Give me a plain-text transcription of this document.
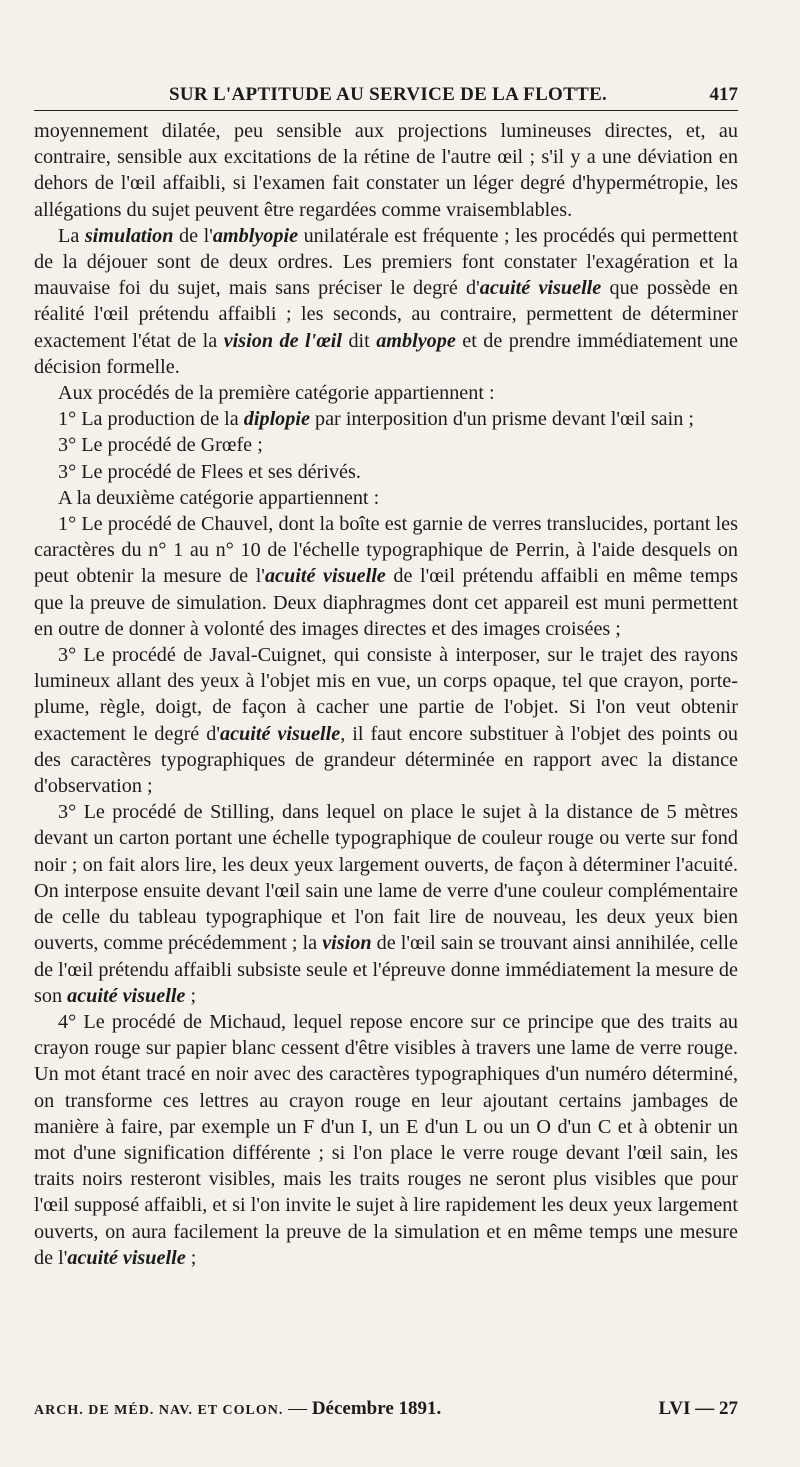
SUR L'APTITUDE AU SERVICE DE LA FLOTTE.	417

moyennement dilatée, peu sensible aux projections lumineuses directes, et, au contraire, sensible aux excitations de la rétine de l'autre œil ; s'il y a une déviation en dehors de l'œil affaibli, si l'examen fait constater un léger degré d'hypermétropie, les allégations du sujet peuvent être regardées comme vraisemblables.

La simulation de l'amblyopie unilatérale est fréquente ; les procédés qui permettent de la déjouer sont de deux ordres. Les premiers font constater l'exagération et la mauvaise foi du sujet, mais sans préciser le degré d'acuité visuelle que possède en réalité l'œil prétendu affaibli ; les seconds, au contraire, permettent de déterminer exactement l'état de la vision de l'œil dit amblyope et de prendre immédiatement une décision formelle.

Aux procédés de la première catégorie appartiennent :

1° La production de la diplopie par interposition d'un prisme devant l'œil sain ;

3° Le procédé de Grœfe ;

3° Le procédé de Flees et ses dérivés.

A la deuxième catégorie appartiennent :

1° Le procédé de Chauvel, dont la boîte est garnie de verres translucides, portant les caractères du n° 1 au n° 10 de l'échelle typographique de Perrin, à l'aide desquels on peut obtenir la mesure de l'acuité visuelle de l'œil prétendu affaibli en même temps que la preuve de simulation. Deux diaphragmes dont cet appareil est muni permettent en outre de donner à volonté des images directes et des images croisées ;

3° Le procédé de Javal-Cuignet, qui consiste à interposer, sur le trajet des rayons lumineux allant des yeux à l'objet mis en vue, un corps opaque, tel que crayon, porte-plume, règle, doigt, de façon à cacher une partie de l'objet. Si l'on veut obtenir exactement le degré d'acuité visuelle, il faut encore substituer à l'objet des points ou des caractères typographiques de grandeur déterminée en rapport avec la distance d'observation ;

3° Le procédé de Stilling, dans lequel on place le sujet à la distance de 5 mètres devant un carton portant une échelle typographique de couleur rouge ou verte sur fond noir ; on fait alors lire, les deux yeux largement ouverts, de façon à déterminer l'acuité. On interpose ensuite devant l'œil sain une lame de verre d'une couleur complémentaire de celle du tableau typographique et l'on fait lire de nouveau, les deux yeux bien ouverts, comme précédemment ; la vision de l'œil sain se trouvant ainsi annihilée, celle de l'œil prétendu affaibli subsiste seule et l'épreuve donne immédiatement la mesure de son acuité visuelle ;

4° Le procédé de Michaud, lequel repose encore sur ce principe que des traits au crayon rouge sur papier blanc cessent d'être visibles à travers une lame de verre rouge. Un mot étant tracé en noir avec des caractères typographiques d'un numéro déterminé, on transforme ces lettres au crayon rouge en leur ajoutant certains jambages de manière à faire, par exemple un F d'un I, un E d'un L ou un O d'un C et à obtenir un mot d'une signification différente ; si l'on place le verre rouge devant l'œil sain, les traits noirs resteront visibles, mais les traits rouges ne seront plus visibles que pour l'œil supposé affaibli, et si l'on invite le sujet à lire rapidement les deux yeux largement ouverts, on aura facilement la preuve de la simulation et en même temps une mesure de l'acuité visuelle ;

ARCH. DE MÉD. NAV. ET COLON. — Décembre 1891.	LVI — 27
